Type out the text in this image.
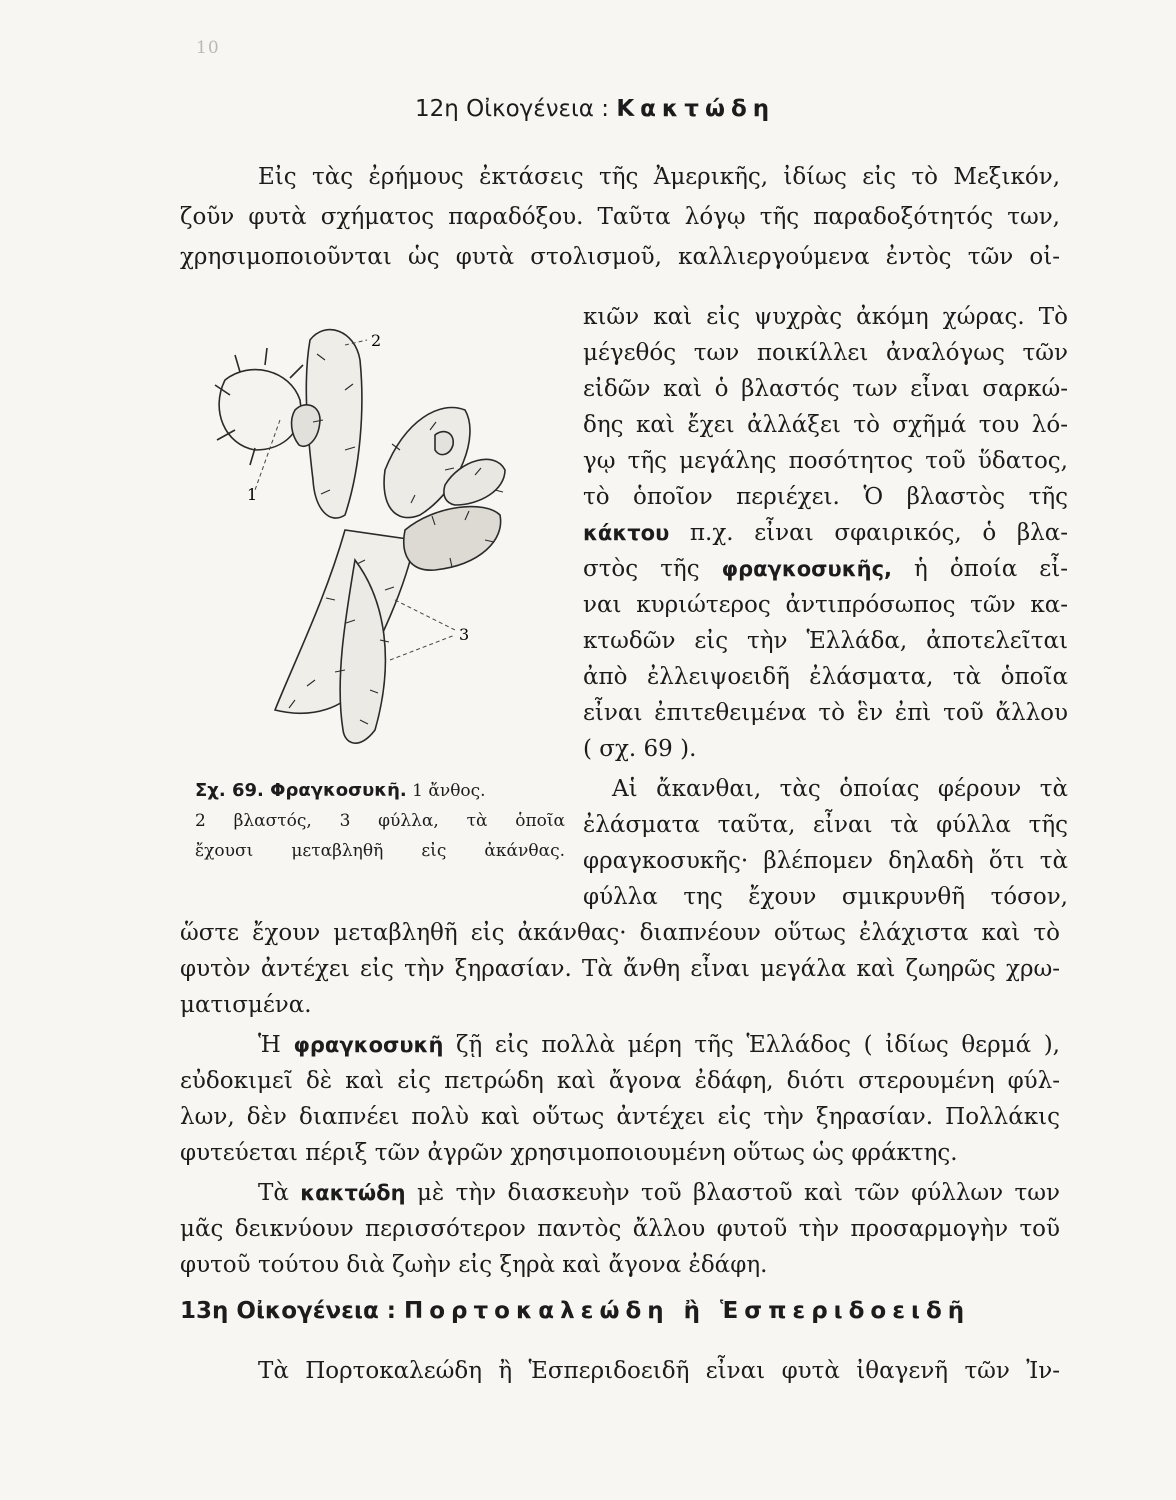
10
12η Οἰκογένεια : Κακτώδη
Εἰς τὰς ἐρήμους ἐκτάσεις τῆς Ἀμερικῆς, ἰδίως εἰς τὸ Μεξικόν,
ζοῦν φυτὰ σχήματος παραδόξου. Ταῦτα λόγῳ τῆς παραδοξότητός των,
χρησιμοποιοῦνται ὡς φυτὰ στολισμοῦ, καλλιεργούμενα ἐντὸς τῶν οἰ-
κιῶν καὶ εἰς ψυχρὰς ἀκόμη χώρας. Τὸ
μέγεθός των ποικίλλει ἀναλόγως τῶν
εἰδῶν καὶ ὁ βλαστός των εἶναι σαρκώ-
δης καὶ ἔχει ἀλλάξει τὸ σχῆμά του λό-
γῳ τῆς μεγάλης ποσότητος τοῦ ὕδατος,
τὸ ὁποῖον περιέχει. Ὁ βλαστὸς τῆς
κάκτου π.χ. εἶναι σφαιρικός, ὁ βλα-
στὸς τῆς φραγκοσυκῆς, ἡ ὁποία εἶ-
ναι κυριώτερος ἀντιπρόσωπος τῶν κα-
κτωδῶν εἰς τὴν Ἑλλάδα, ἀποτελεῖται
ἀπὸ ἐλλειψοειδῆ ἐλάσματα, τὰ ὁποῖα
εἶναι ἐπιτεθειμένα τὸ ἓν ἐπὶ τοῦ ἄλλου
( σχ. 69 ).
Αἱ ἄκανθαι, τὰς ὁποίας φέρουν τὰ
ἐλάσματα ταῦτα, εἶναι τὰ φύλλα τῆς
φραγκοσυκῆς· βλέπομεν δηλαδὴ ὅτι τὰ
φύλλα της ἔχουν σμικρυνθῆ τόσον,
ὥστε ἔχουν μεταβληθῆ εἰς ἀκάνθας· διαπνέουν οὕτως ἐλάχιστα καὶ τὸ
φυτὸν ἀντέχει εἰς τὴν ξηρασίαν. Τὰ ἄνθη εἶναι μεγάλα καὶ ζωηρῶς χρω-
ματισμένα.
2
1
3
Σχ. 69. Φραγκοσυκῆ. 1 ἄνθος.
2 βλαστός, 3 φύλλα, τὰ ὁποῖα
ἔχουσι μεταβληθῆ εἰς ἀκάνθας.
Ἡ φραγκοσυκῆ ζῇ εἰς πολλὰ μέρη τῆς Ἑλλάδος ( ἰδίως θερμά ),
εὐδοκιμεῖ δὲ καὶ εἰς πετρώδη καὶ ἄγονα ἐδάφη, διότι στερουμένη φύλ-
13η Οἰκογένεια : Πορτοκαλεώδη ἢ Ἑσπεριδοειδῆ
Τὰ Πορτοκαλεώδη ἢ Ἑσπεριδοειδῆ εἶναι φυτὰ ἰθαγενῆ τῶν Ἰν-
λων, δὲν διαπνέει πολὺ καὶ οὕτως ἀντέχει εἰς τὴν ξηρασίαν. Πολλάκις
φυτεύεται πέριξ τῶν ἀγρῶν χρησιμοποιουμένη οὕτως ὡς φράκτης.
Τὰ κακτώδη μὲ τὴν διασκευὴν τοῦ βλαστοῦ καὶ τῶν φύλλων των
μᾶς δεικνύουν περισσότερον παντὸς ἄλλου φυτοῦ τὴν προσαρμογὴν τοῦ
φυτοῦ τούτου διὰ ζωὴν εἰς ξηρὰ καὶ ἄγονα ἐδάφη.
